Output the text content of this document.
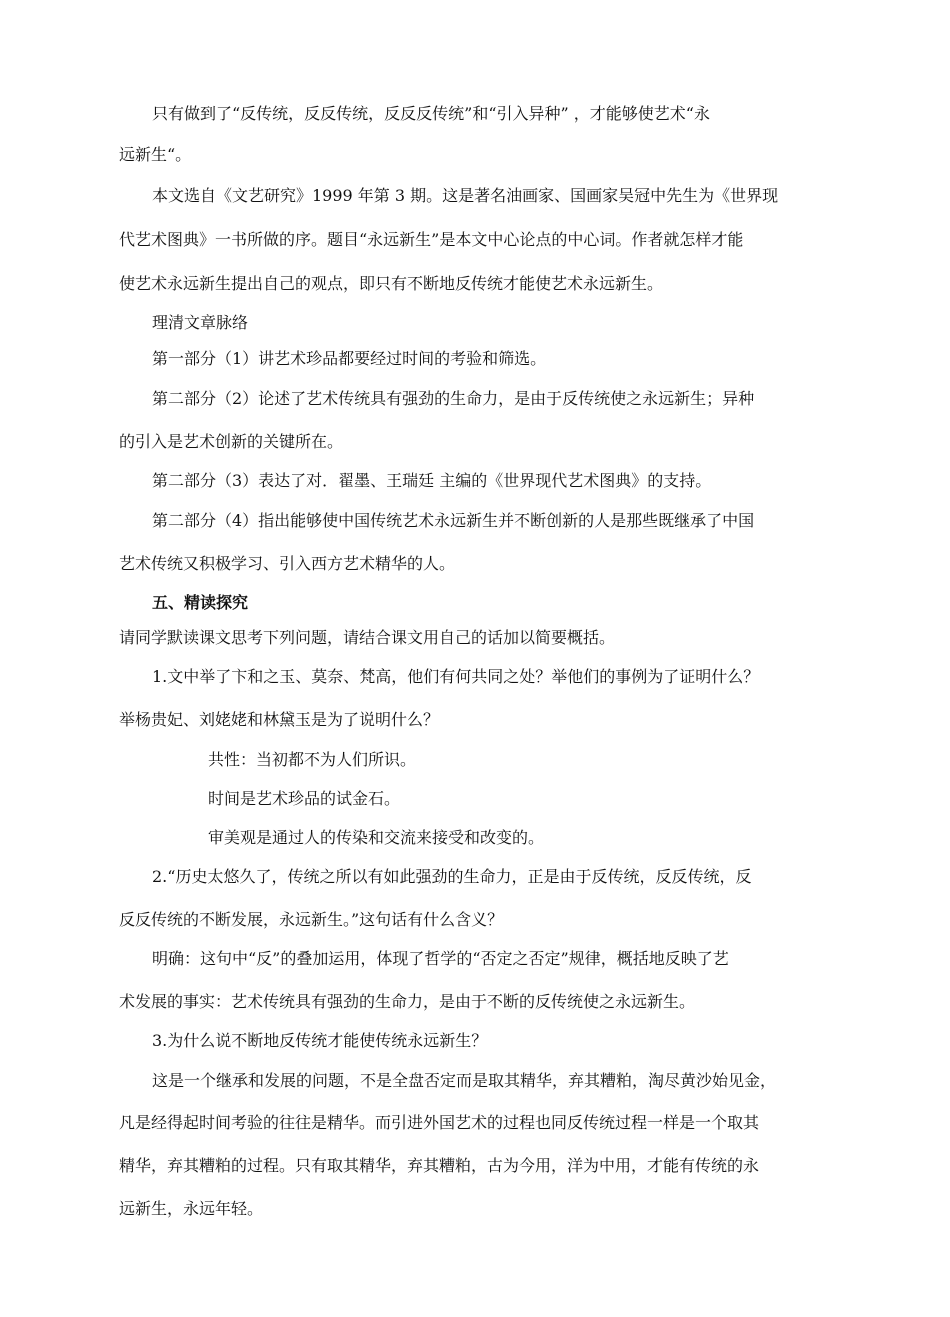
只有做到了“反传统，反反传统，反反反传统”和“引入异种” ，才能够使艺术“永
远新生“。
本文选自《文艺研究》1999 年第 3 期。这是著名油画家、国画家吴冠中先生为《世界现
代艺术图典》一书所做的序。题目“永远新生”是本文中心论点的中心词。作者就怎样才能
使艺术永远新生提出自己的观点，即只有不断地反传统才能使艺术永远新生。
理清文章脉络
第一部分（1）讲艺术珍品都要经过时间的考验和筛选。
第二部分（2）论述了艺术传统具有强劲的生命力，是由于反传统使之永远新生；异种
的引入是艺术创新的关键所在。
第二部分（3）表达了对．翟墨、王瑞廷 主编的《世界现代艺术图典》的支持。
第二部分（4）指出能够使中国传统艺术永远新生并不断创新的人是那些既继承了中国
艺术传统又积极学习、引入西方艺术精华的人。
五、精读探究
请同学默读课文思考下列问题，请结合课文用自己的话加以简要概括。
1.文中举了卞和之玉、莫奈、梵高，他们有何共同之处？举他们的事例为了证明什么？
举杨贵妃、刘姥姥和林黛玉是为了说明什么？
共性：当初都不为人们所识。
时间是艺术珍品的试金石。
审美观是通过人的传染和交流来接受和改变的。
2.“历史太悠久了，传统之所以有如此强劲的生命力，正是由于反传统，反反传统，反
反反传统的不断发展，永远新生。”这句话有什么含义？
明确：这句中“反”的叠加运用，体现了哲学的“否定之否定”规律，概括地反映了艺
术发展的事实：艺术传统具有强劲的生命力，是由于不断的反传统使之永远新生。
3.为什么说不断地反传统才能使传统永远新生？
这是一个继承和发展的问题，不是全盘否定而是取其精华，弃其糟粕，淘尽黄沙始见金，
凡是经得起时间考验的往往是精华。而引进外国艺术的过程也同反传统过程一样是一个取其
精华，弃其糟粕的过程。只有取其精华，弃其糟粕，古为今用，洋为中用，才能有传统的永
远新生，永远年轻。
